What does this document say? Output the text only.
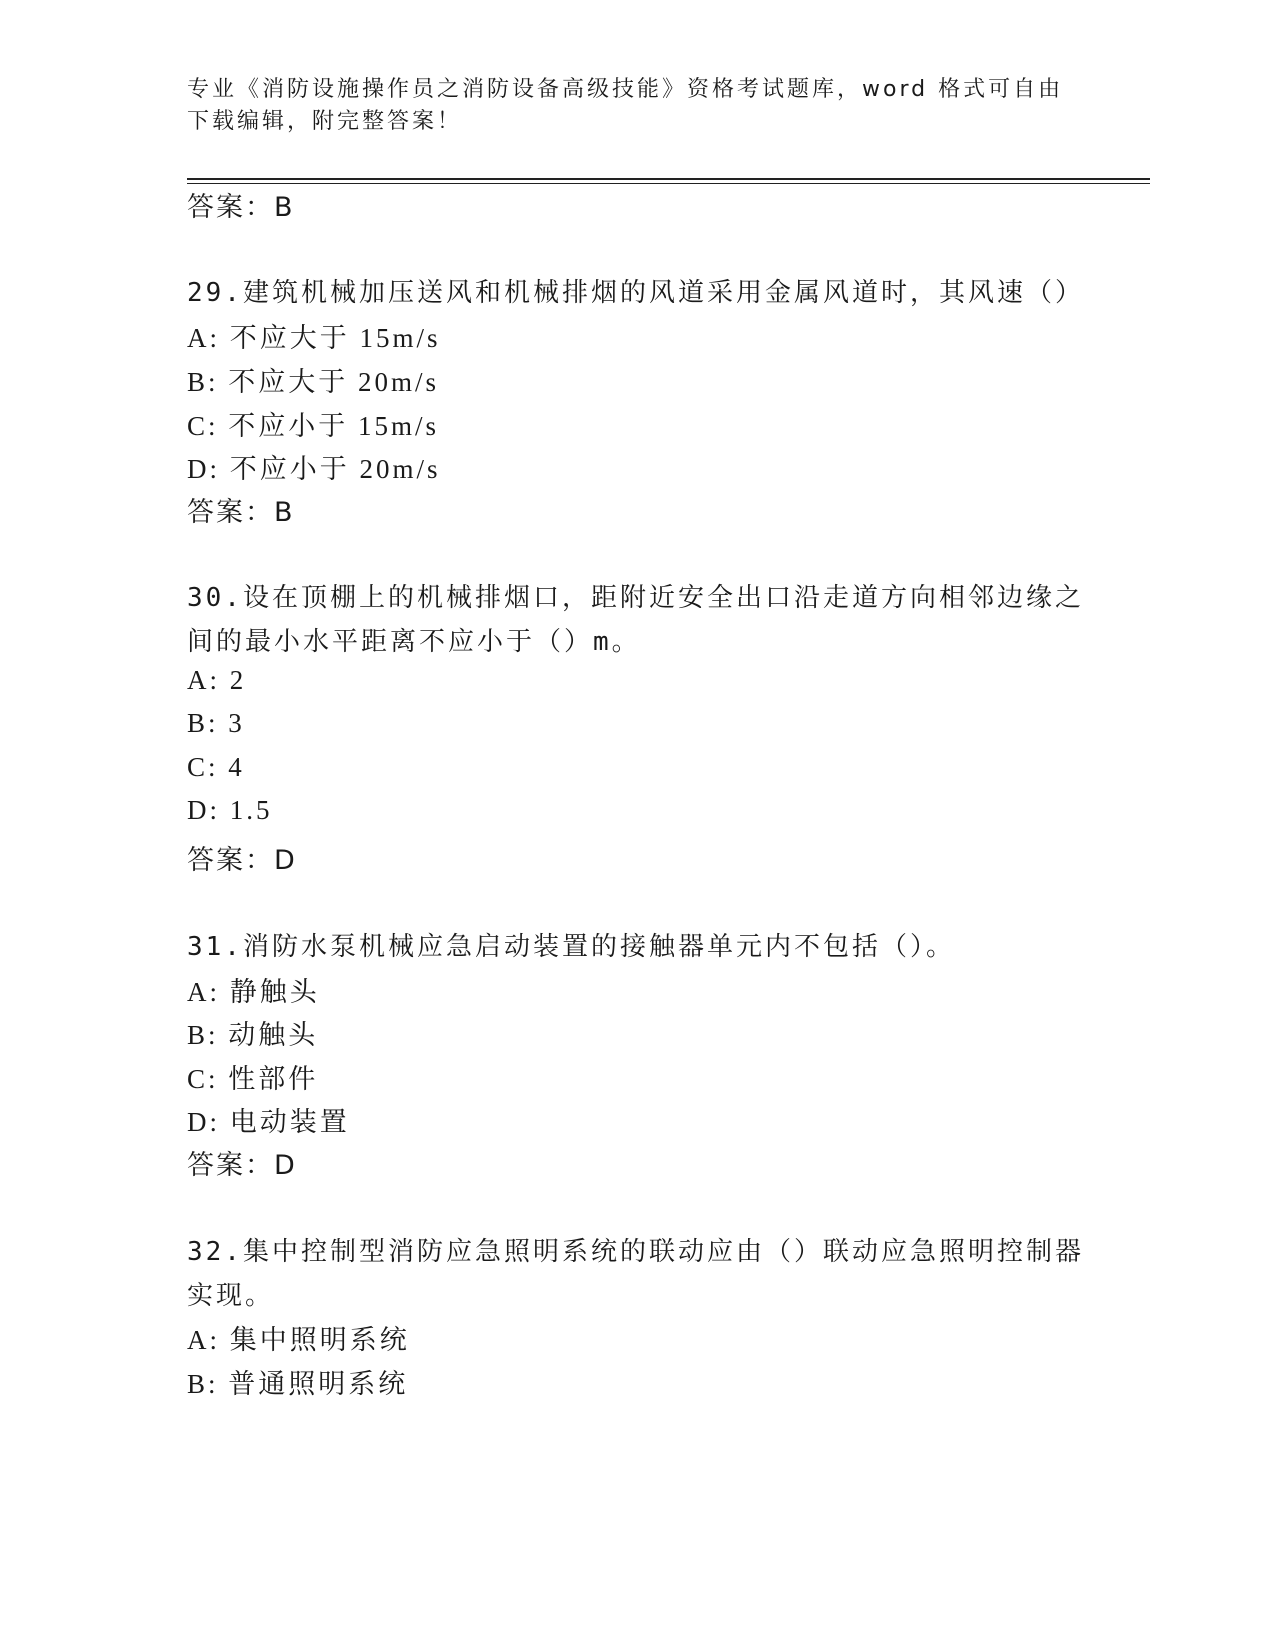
专业《消防设施操作员之消防设备高级技能》资格考试题库，word 格式可自由下载编辑，附完整答案！
答案：B
29.建筑机械加压送风和机械排烟的风道采用金属风道时，其风速（）
A: 不应大于 15m/s
B: 不应大于 20m/s
C: 不应小于 15m/s
D: 不应小于 20m/s
答案：B
30.设在顶棚上的机械排烟口，距附近安全出口沿走道方向相邻边缘之
间的最小水平距离不应小于（）m。
A: 2
B: 3
C: 4
D: 1.5
答案：D
31.消防水泵机械应急启动装置的接触器单元内不包括（）。
A: 静触头
B: 动触头
C: 性部件
D: 电动装置
答案：D
32.集中控制型消防应急照明系统的联动应由（）联动应急照明控制器
实现。
A: 集中照明系统
B: 普通照明系统
